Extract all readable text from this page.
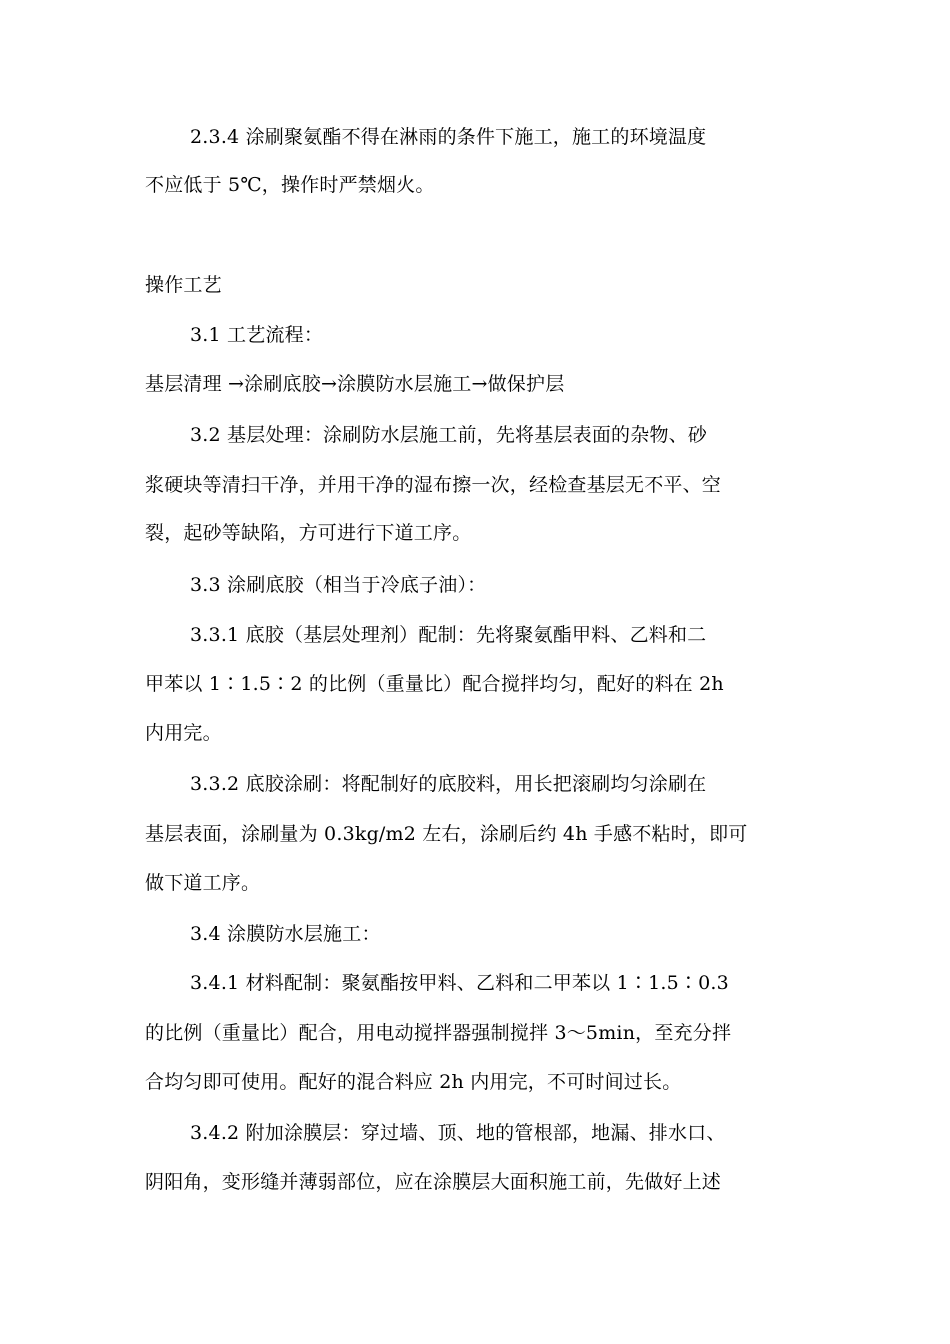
2.3.4 涂刷聚氨酯不得在淋雨的条件下施工，施工的环境温度
不应低于 5℃，操作时严禁烟火。
操作工艺
3.1 工艺流程：
基层清理 →涂刷底胶→涂膜防水层施工→做保护层
3.2 基层处理：涂刷防水层施工前，先将基层表面的杂物、砂
浆硬块等清扫干净，并用干净的湿布擦一次，经检查基层无不平、空
裂，起砂等缺陷，方可进行下道工序。
3.3 涂刷底胶（相当于冷底子油）：
3.3.1 底胶（基层处理剂）配制：先将聚氨酯甲料、乙料和二
甲苯以 1∶1.5∶2 的比例（重量比）配合搅拌均匀，配好的料在 2h
内用完。
3.3.2 底胶涂刷：将配制好的底胶料，用长把滚刷均匀涂刷在
基层表面，涂刷量为 0.3kg/m2 左右，涂刷后约 4h 手感不粘时，即可
做下道工序。
3.4 涂膜防水层施工：
3.4.1 材料配制：聚氨酯按甲料、乙料和二甲苯以 1∶1.5∶0.3
的比例（重量比）配合，用电动搅拌器强制搅拌 3～5min，至充分拌
合均匀即可使用。配好的混合料应 2h 内用完，不可时间过长。
3.4.2 附加涂膜层：穿过墙、顶、地的管根部，地漏、排水口、
阴阳角，变形缝并薄弱部位，应在涂膜层大面积施工前，先做好上述
